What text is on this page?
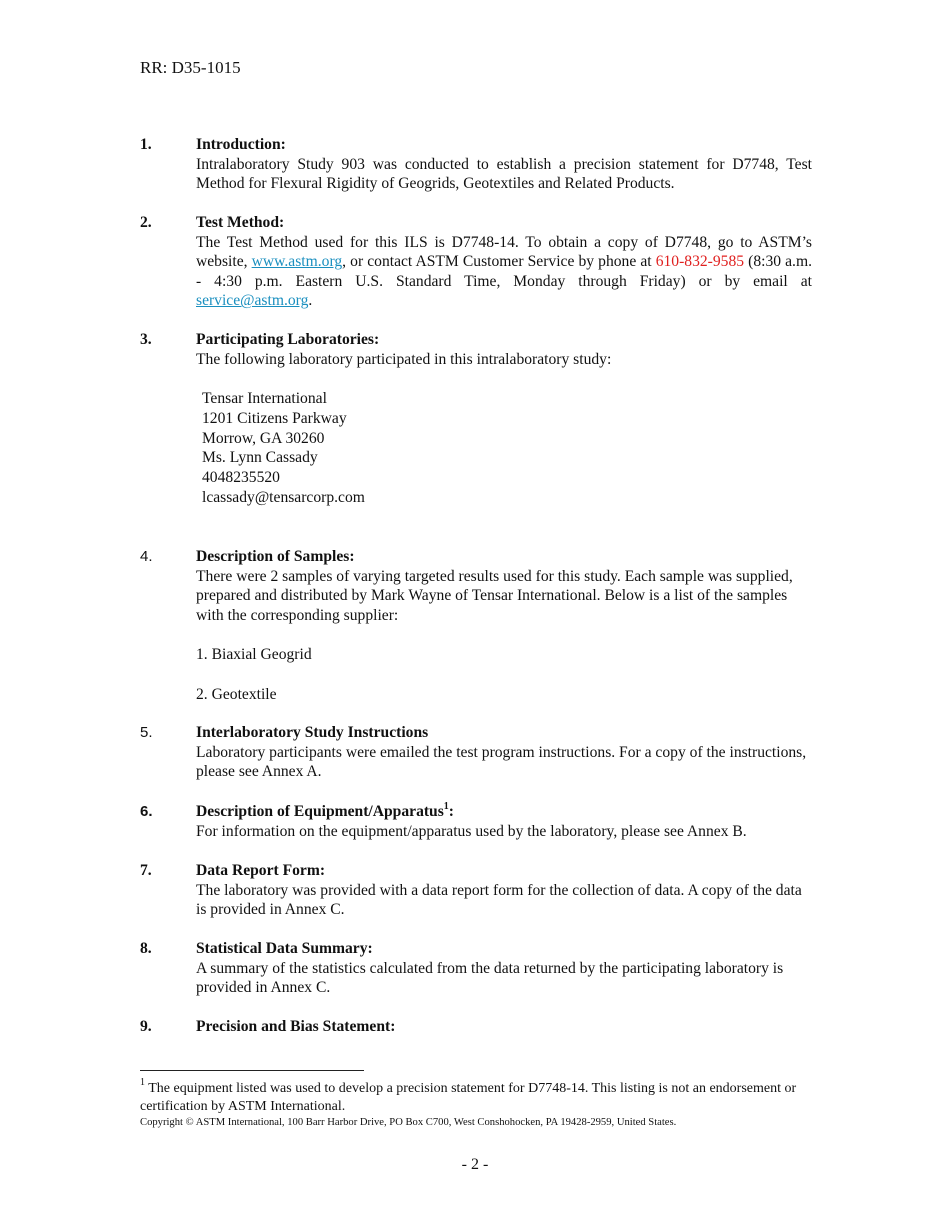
RR: D35-1015
1.	Introduction:
Intralaboratory Study 903 was conducted to establish a precision statement for D7748, Test Method for Flexural Rigidity of Geogrids, Geotextiles and Related Products.
2.	Test Method:
The Test Method used for this ILS is D7748-14. To obtain a copy of D7748, go to ASTM’s website, www.astm.org, or contact ASTM Customer Service by phone at 610-832-9585 (8:30 a.m. - 4:30 p.m. Eastern U.S. Standard Time, Monday through Friday) or by email at service@astm.org.
3.	Participating Laboratories:
The following laboratory participated in this intralaboratory study:
Tensar International
1201 Citizens Parkway
Morrow, GA 30260
Ms. Lynn Cassady
4048235520
lcassady@tensarcorp.com
4.	Description of Samples:
There were 2 samples of varying targeted results used for this study. Each sample was supplied, prepared and distributed by Mark Wayne of Tensar International. Below is a list of the samples with the corresponding supplier:
1. Biaxial Geogrid
2. Geotextile
5.	Interlaboratory Study Instructions
Laboratory participants were emailed the test program instructions. For a copy of the instructions, please see Annex A.
6.	Description of Equipment/Apparatus$^1$:
For information on the equipment/apparatus used by the laboratory, please see Annex B.
7.	Data Report Form:
The laboratory was provided with a data report form for the collection of data. A copy of the data is provided in Annex C.
8.	Statistical Data Summary:
A summary of the statistics calculated from the data returned by the participating laboratory is provided in Annex C.
9.	Precision and Bias Statement:
$^1$ The equipment listed was used to develop a precision statement for D7748-14. This listing is not an endorsement or certification by ASTM International.
Copyright © ASTM International, 100 Barr Harbor Drive, PO Box C700, West Conshohocken, PA 19428-2959, United States.
- 2 -
